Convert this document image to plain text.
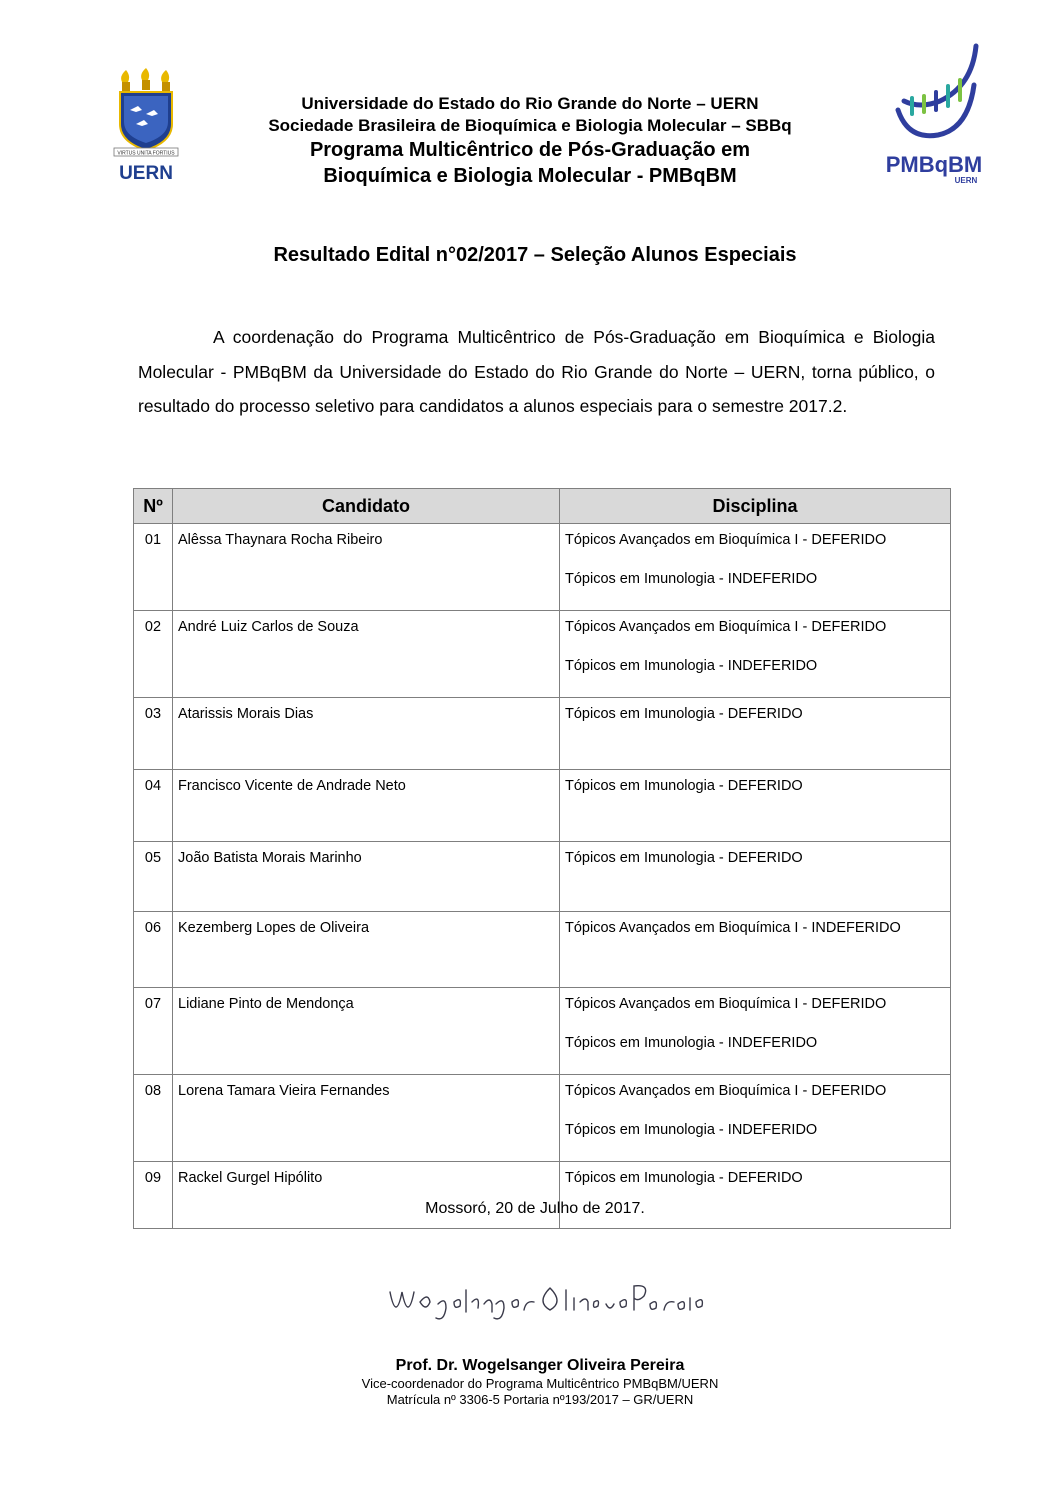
VIRTUS UNITA FORTIUS
UERN	PMBqBM
UERN
Universidade do Estado do Rio Grande do Norte – UERN
Sociedade Brasileira de Bioquímica e Biologia Molecular – SBBq
Programa Multicêntrico de Pós-Graduação em
Bioquímica e Biologia Molecular - PMBqBM
Resultado Edital n°02/2017 – Seleção Alunos Especiais

A coordenação do Programa Multicêntrico de Pós-Graduação em Bioquímica e Biologia Molecular - PMBqBM da Universidade do Estado do Rio Grande do Norte – UERN, torna público, o resultado do processo seletivo para candidatos a alunos especiais para o semestre 2017.2.

Nº	Candidato	Disciplina
01	Alêssa Thaynara Rocha Ribeiro	Tópicos Avançados em Bioquímica I - DEFERIDO
Tópicos em Imunologia - INDEFERIDO

02	André Luiz Carlos de Souza	Tópicos Avançados em Bioquímica I - DEFERIDO
Tópicos em Imunologia - INDEFERIDO

03	Atarissis Morais Dias	Tópicos em Imunologia - DEFERIDO

04	Francisco Vicente de Andrade Neto	Tópicos em Imunologia - DEFERIDO

05	João Batista Morais Marinho	Tópicos em Imunologia - DEFERIDO

06	Kezemberg Lopes de Oliveira	Tópicos Avançados em Bioquímica I - INDEFERIDO

07	Lidiane Pinto de Mendonça	Tópicos Avançados em Bioquímica I - DEFERIDO
Tópicos em Imunologia - INDEFERIDO

08	Lorena Tamara Vieira Fernandes	Tópicos Avançados em Bioquímica I - DEFERIDO
Tópicos em Imunologia - INDEFERIDO

09	Rackel Gurgel Hipólito	Tópicos em Imunologia - DEFERIDO
Mossoró, 20 de Julho de 2017.
Prof. Dr. Wogelsanger Oliveira Pereira
Vice-coordenador do Programa Multicêntrico PMBqBM/UERN
Matrícula nº 3306-5 Portaria nº193/2017 – GR/UERN
